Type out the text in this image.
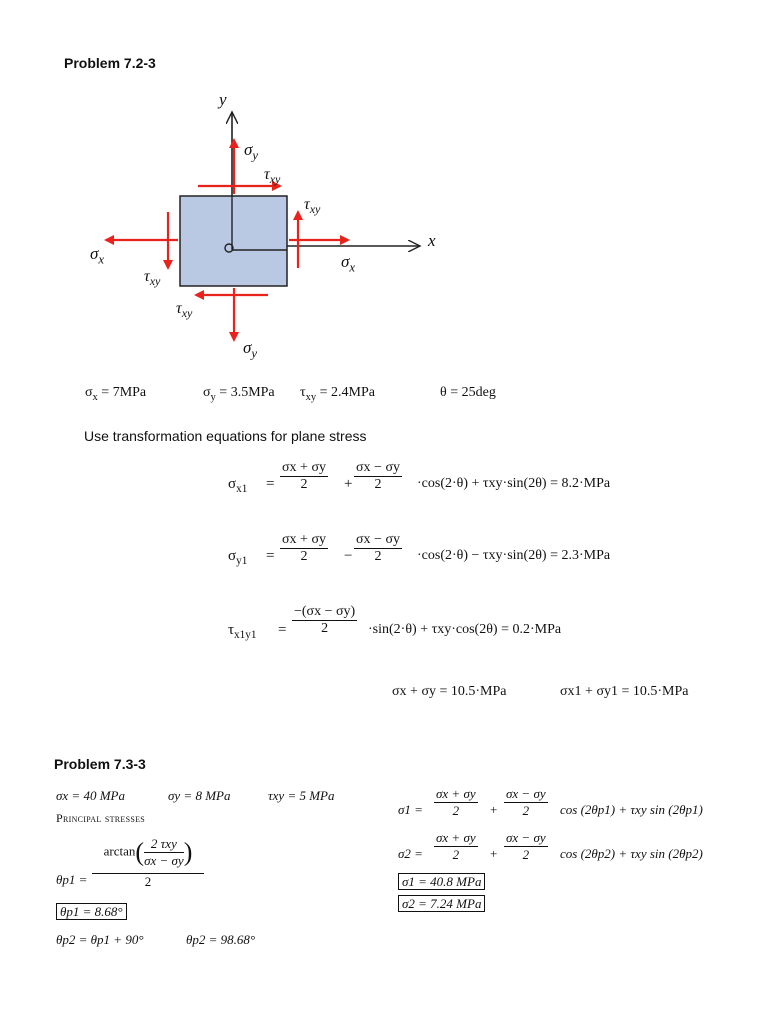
Problem 7.2-3
y
x
$\sigma_y$
$\sigma_y$
$\sigma_x$
$\sigma_x$
$\tau_{xy}$
$\tau_{xy}$
$\tau_{xy}$
$\tau_{xy}$
$\sigma_x = 7MPa$	$\sigma_y = 3.5MPa$ $\tau_{xy} = 2.4MPa$	θ = 25deg
Use transformation equations for plane stress
$\sigma_{x1} = \frac{\sigma x + \sigma y}{2} + \frac{\sigma x - \sigma y}{2} \cdot\cos(2\cdot\theta) + \tau xy\cdot\sin(2\theta) = 8.2\cdot MPa$
$\sigma_{y1} = \frac{\sigma x + \sigma y}{2} - \frac{\sigma x - \sigma y}{2} \cdot\cos(2\cdot\theta) - \tau xy\cdot\sin(2\theta) = 2.3\cdot MPa$
$\tau_{x1y1} = \frac{-(\sigma x - \sigma y)}{2} \cdot\sin(2\cdot\theta) + \tau xy\cdot\cos(2\theta) = 0.2\cdot MPa$
σx + σy = 10.5·MPa	σx1 + σy1 = 10.5·MPa
Problem 7.3-3
σx = 40 MPa	σy = 8 MPa	τxy = 5 MPa
Principal stresses
θp1 =
arctan( 2 τxy
σx − σy )
2
θp1 = 8.68°
θp2 = θp1 + 90°	θp2 = 98.68°
$\sigma 1 = \frac{\sigma x + \sigma y}{2} + \frac{\sigma x - \sigma y}{2}$ cos (2θp1) + τxy sin (2θp1)
$\sigma 2 = \frac{\sigma x + \sigma y}{2} + \frac{\sigma x - \sigma y}{2}$ cos (2θp2) + τxy sin (2θp2)
σ1 = 40.8 MPa
σ2 = 7.24 MPa
